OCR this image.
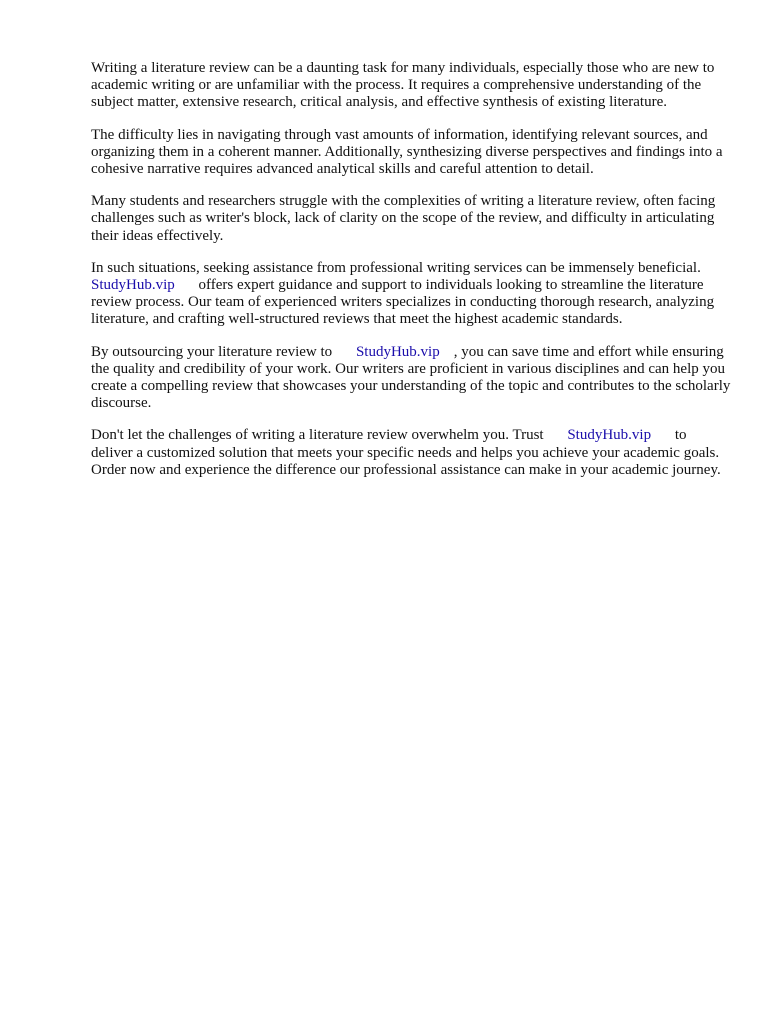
Writing a literature review can be a daunting task for many individuals, especially those who are new to academic writing or are unfamiliar with the process. It requires a comprehensive understanding of the subject matter, extensive research, critical analysis, and effective synthesis of existing literature.

The difficulty lies in navigating through vast amounts of information, identifying relevant sources, and organizing them in a coherent manner. Additionally, synthesizing diverse perspectives and findings into a cohesive narrative requires advanced analytical skills and careful attention to detail.

Many students and researchers struggle with the complexities of writing a literature review, often facing challenges such as writer's block, lack of clarity on the scope of the review, and difficulty in articulating their ideas effectively.

In such situations, seeking assistance from professional writing services can be immensely beneficial. StudyHub.vip offers expert guidance and support to individuals looking to streamline the literature review process. Our team of experienced writers specializes in conducting thorough research, analyzing literature, and crafting well-structured reviews that meet the highest academic standards.

By outsourcing your literature review to StudyHub.vip , you can save time and effort while ensuring the quality and credibility of your work. Our writers are proficient in various disciplines and can help you create a compelling review that showcases your understanding of the topic and contributes to the scholarly discourse.

Don't let the challenges of writing a literature review overwhelm you. Trust StudyHub.vip to deliver a customized solution that meets your specific needs and helps you achieve your academic goals. Order now and experience the difference our professional assistance can make in your academic journey.
